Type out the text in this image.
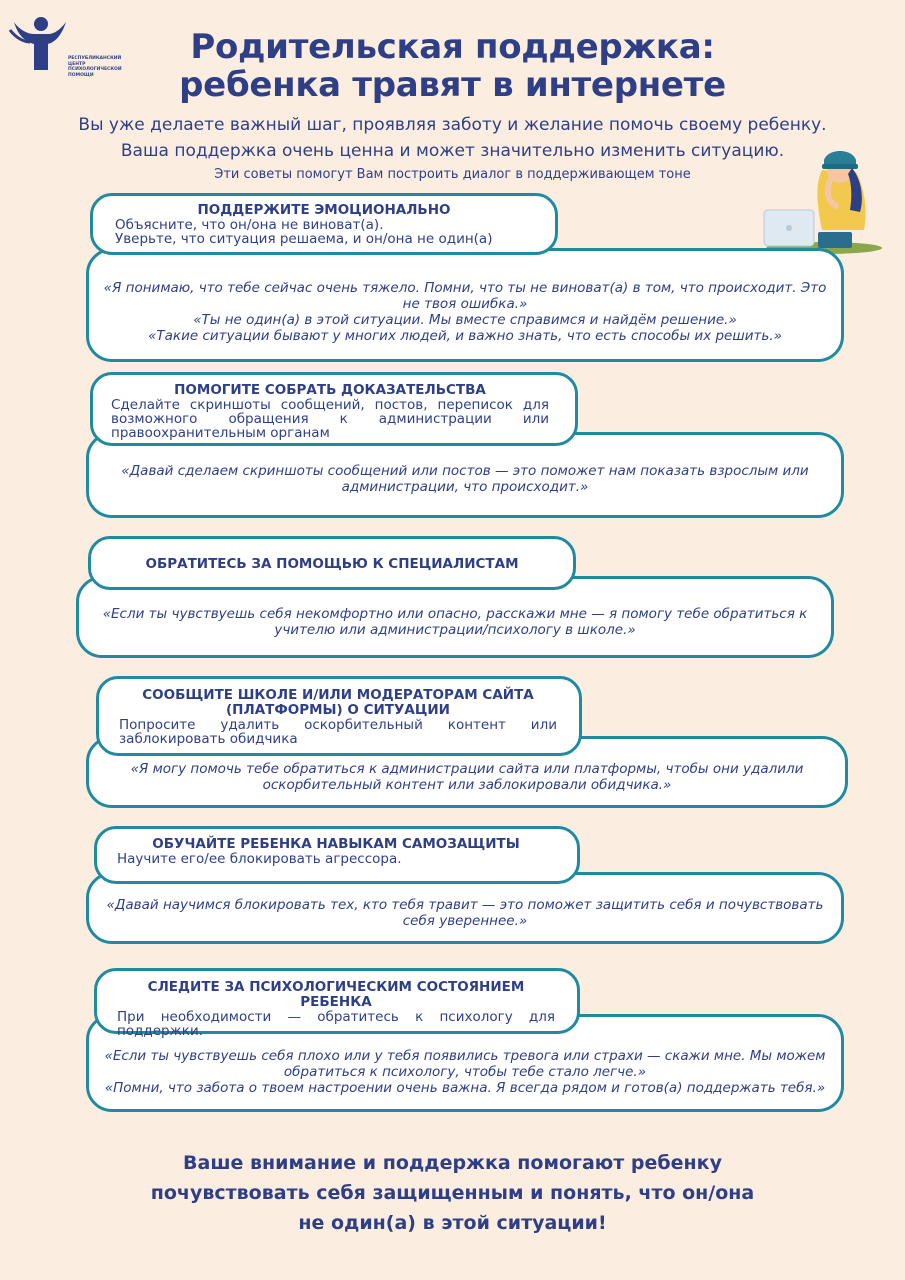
РЕСПУБЛИКАНСКИЙ ЦЕНТР ПСИХОЛОГИЧЕСКОЙ ПОМОЩИ
Родительская поддержка:
ребенка травят в интернете
Вы уже делаете важный шаг, проявляя заботу и желание помочь своему ребенку.
Ваша поддержка очень ценна и может значительно изменить ситуацию.
Эти советы помогут Вам построить диалог в поддерживающем тоне
«Я понимаю, что тебе сейчас очень тяжело. Помни, что ты не виноват(а) в том, что происходит. Это не твоя ошибка.»
«Ты не один(а) в этой ситуации. Мы вместе справимся и найдём решение.»
«Такие ситуации бывают у многих людей, и важно знать, что есть способы их решить.»
ПОДДЕРЖИТЕ ЭМОЦИОНАЛЬНО
Объясните, что он/она не виноват(а).
Уверьте, что ситуация решаема, и он/она не один(а)
«Давай сделаем скриншоты сообщений или постов — это поможет нам показать взрослым или администрации, что происходит.»
ПОМОГИТЕ СОБРАТЬ ДОКАЗАТЕЛЬСТВА
Сделайте скриншоты сообщений, постов, переписок для возможного обращения к администрации или правоохранительным органам
«Если ты чувствуешь себя некомфортно или опасно, расскажи мне — я помогу тебе обратиться к учителю или администрации/психологу в школе.»
ОБРАТИТЕСЬ ЗА ПОМОЩЬЮ К СПЕЦИАЛИСТАМ
«Я могу помочь тебе обратиться к администрации сайта или платформы, чтобы они удалили оскорбительный контент или заблокировали обидчика.»
СООБЩИТЕ ШКОЛЕ И/ИЛИ МОДЕРАТОРАМ САЙТА (ПЛАТФОРМЫ) О СИТУАЦИИ
Попросите удалить оскорбительный контент или заблокировать обидчика
«Давай научимся блокировать тех, кто тебя травит — это поможет защитить себя и почувствовать себя увереннее.»
ОБУЧАЙТЕ РЕБЕНКА НАВЫКАМ САМОЗАЩИТЫ
Научите его/ее блокировать агрессора.
«Если ты чувствуешь себя плохо или у тебя появились тревога или страхи — скажи мне. Мы можем обратиться к психологу, чтобы тебе стало легче.»
«Помни, что забота о твоем настроении очень важна. Я всегда рядом и готов(а) поддержать тебя.»
СЛЕДИТЕ ЗА ПСИХОЛОГИЧЕСКИМ СОСТОЯНИЕМ РЕБЕНКА
При необходимости — обратитесь к психологу для поддержки.
Ваше внимание и поддержка помогают ребенку
почувствовать себя защищенным и понять, что он/она
не один(а) в этой ситуации!
